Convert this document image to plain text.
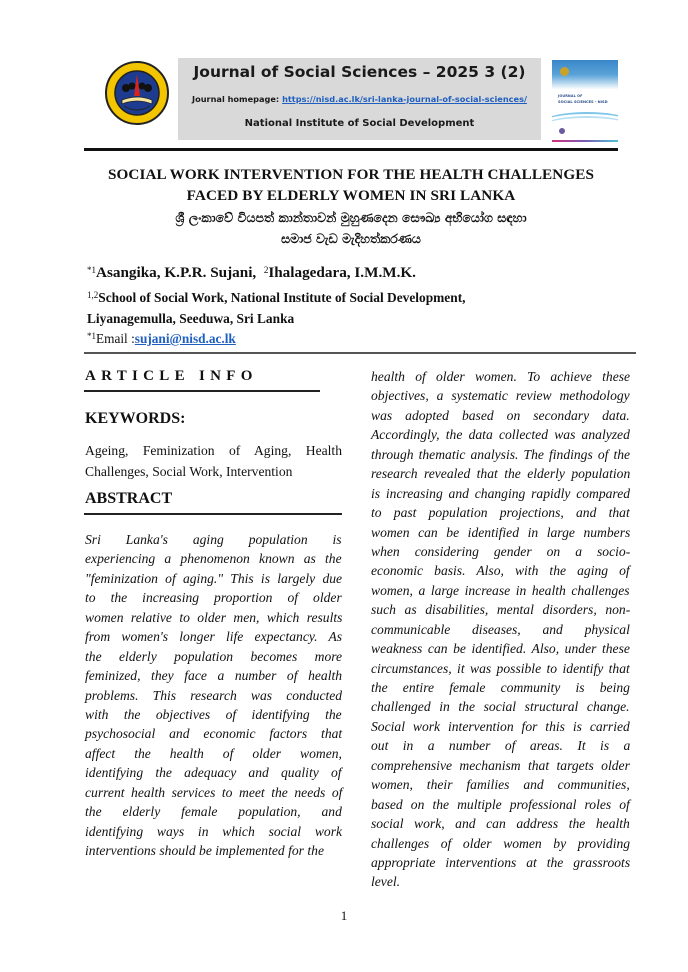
Journal of Social Sciences – 2025 3 (2)
Journal homepage: https://nisd.ac.lk/sri-lanka-journal-of-social-sciences/
National Institute of Social Development
JOURNAL OF
SOCIAL SCIENCES - NISD
SOCIAL WORK INTERVENTION FOR THE HEALTH CHALLENGES
FACED BY ELDERLY WOMEN IN SRI LANKA
ශ්‍රී ලංකාවේ වියපත් කාන්තාවන් මුහුණදෙන සෞඛ්‍ය අභියෝග සඳහා
සමාජ වැඩ මැදිහත්කරණය
$^{*1}$Asangika, K.P.R. Sujani, $^2$Ihalagedara, I.M.M.K.
$^{1,2}$School of Social Work, National Institute of Social Development,
Liyanagemulla, Seeduwa, Sri Lanka
$^{*1}$Email :sujani@nisd.ac.lk
ARTICLE INFO
KEYWORDS:
Ageing, Feminization of Aging, Health Challenges, Social Work, Intervention
ABSTRACT
Sri Lanka's aging population is
experiencing a phenomenon known as the
"feminization of aging." This is largely due
to the increasing proportion of older
women relative to older men, which results
from women's longer life expectancy. As
the elderly population becomes more
feminized, they face a number of health
problems. This research was conducted
with the objectives of identifying the
psychosocial and economic factors that
affect the health of older women,
identifying the adequacy and quality of
current health services to meet the needs of
the elderly female population, and
identifying ways in which social work
interventions should be implemented for the
health of older women. To achieve these
objectives, a systematic review methodology
was adopted based on secondary data.
Accordingly, the data collected was analyzed
through thematic analysis. The findings of the
research revealed that the elderly population
is increasing and changing rapidly compared
to past population projections, and that
women can be identified in large numbers
when considering gender on a socio-
economic basis. Also, with the aging of
women, a large increase in health challenges
such as disabilities, mental disorders, non-
communicable diseases, and physical
weakness can be identified. Also, under these
circumstances, it was possible to identify that
the entire female community is being
challenged in the social structural change.
Social work intervention for this is carried
out in a number of areas. It is a
comprehensive mechanism that targets older
women, their families and communities,
based on the multiple professional roles of
social work, and can address the health
challenges of older women by providing
appropriate interventions at the grassroots
level.
1
